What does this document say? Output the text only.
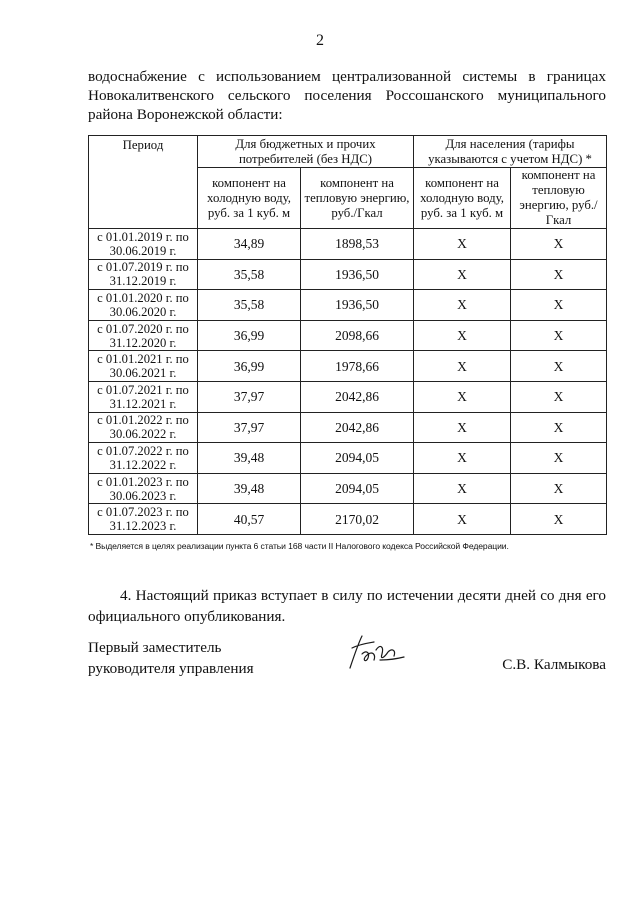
2

водоснабжение с использованием централизованной системы в границах Новокалитвенского сельского поселения Россошанского муниципального района Воронежской области:

Период	Для бюджетных и прочих потребителей (без НДС)		Для населения (тарифы указываются с учетом НДС) *	
	компонент на холодную воду, руб. за 1 куб. м	компонент на тепловую энергию, руб./Гкал	компонент на холодную воду, руб. за 1 куб. м	компонент на тепловую энергию, руб./Гкал
с 01.01.2019 г. по 30.06.2019 г.	34,89	1898,53	X	X
с 01.07.2019 г. по 31.12.2019 г.	35,58	1936,50	X	X
с 01.01.2020 г. по 30.06.2020 г.	35,58	1936,50	X	X
с 01.07.2020 г. по 31.12.2020 г.	36,99	2098,66	X	X
с 01.01.2021 г. по 30.06.2021 г.	36,99	1978,66	X	X
с 01.07.2021 г. по 31.12.2021 г.	37,97	2042,86	X	X
с 01.01.2022 г. по 30.06.2022 г.	37,97	2042,86	X	X
с 01.07.2022 г. по 31.12.2022 г.	39,48	2094,05	X	X
с 01.01.2023 г. по 30.06.2023 г.	39,48	2094,05	X	X
с 01.07.2023 г. по 31.12.2023 г.	40,57	2170,02	X	X
* Выделяется в целях реализации пункта 6 статьи 168 части II Налогового кодекса Российской Федерации.

4. Настоящий приказ вступает в силу по истечении десяти дней со дня его официального опубликования.

Первый заместитель
руководителя управления	С.В. Калмыкова
